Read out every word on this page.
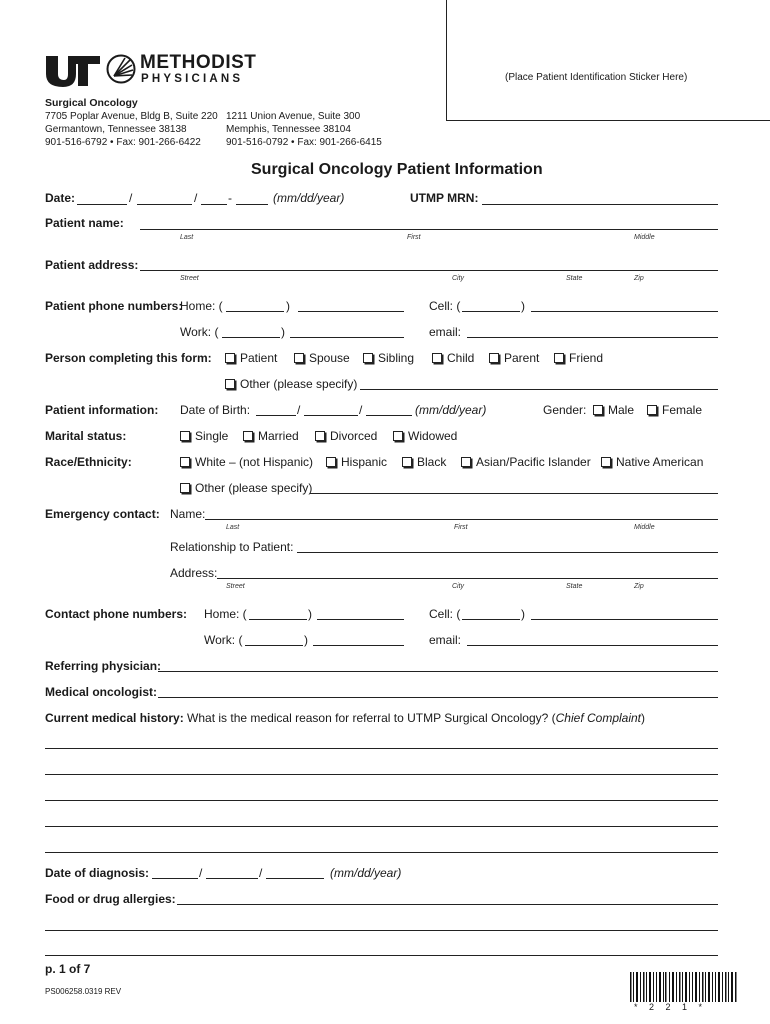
METHODIST
PHYSICIANS	(Place Patient Identification Sticker Here)
Surgical Oncology
7705 Poplar Avenue, Bldg B, Suite 220
Germantown, Tennessee 38138
901-516-6792 • Fax: 901-266-6422
1211 Union Avenue, Suite 300
Memphis, Tennessee 38104
901-516-0792 • Fax: 901-266-6415
Surgical Oncology Patient Information
Date:	/	/	-	(mm/dd/year)	UTMP MRN:
Patient name:
Last	First	Middle
Patient address:
Street	City	State	Zip
Patient phone numbers:
Home: (	)	Cell: (	)
Work: (	)	email:
Person completing this form:	Patient	Spouse	Sibling	Child	Parent	Friend
Other (please specify)
Patient information: Date of Birth:	/	/	(mm/dd/year)	Gender:	Male	Female
Marital status:	Single	Married	Divorced	Widowed
Race/Ethnicity:	White – (not Hispanic)	Hispanic	Black	Asian/Pacific Islander	Native American
Other (please specify)
Emergency contact: Name:
Last	First	Middle
Relationship to Patient:
Address:
Street	City	State	Zip
Contact phone numbers: Home: (	)	Cell: (	)
Work: (	)	email:
Referring physician:
Medical oncologist:
Current medical history: What is the medical reason for referral to UTMP Surgical Oncology? (Chief Complaint)
Date of diagnosis:	/	/	(mm/dd/year)
Food or drug allergies:
p. 1 of 7
PS006258.0319 REV
*   2   2   1   *
